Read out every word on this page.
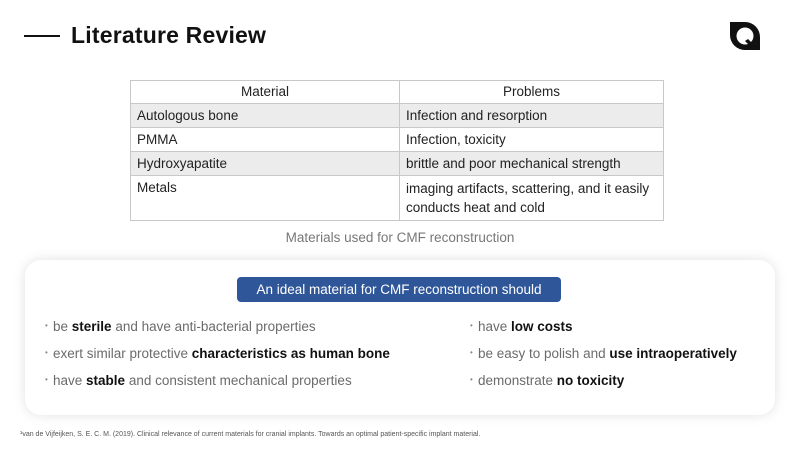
Literature Review
Material	Problems
Autologous bone	Infection and resorption
PMMA	Infection, toxicity
Hydroxyapatite	brittle and poor mechanical strength
Metals	imaging artifacts, scattering, and it easily conducts heat and cold
Materials used for CMF reconstruction
An ideal material for CMF reconstruction should
• be sterile and have anti-bacterial properties
• exert similar protective characteristics as human bone
• have stable and consistent mechanical properties
• have low costs
• be easy to polish and use intraoperatively
• demonstrate no toxicity
¹van de Vijfeijken, S. E. C. M. (2019). Clinical relevance of current materials for cranial implants. Towards an optimal patient-specific implant material.
